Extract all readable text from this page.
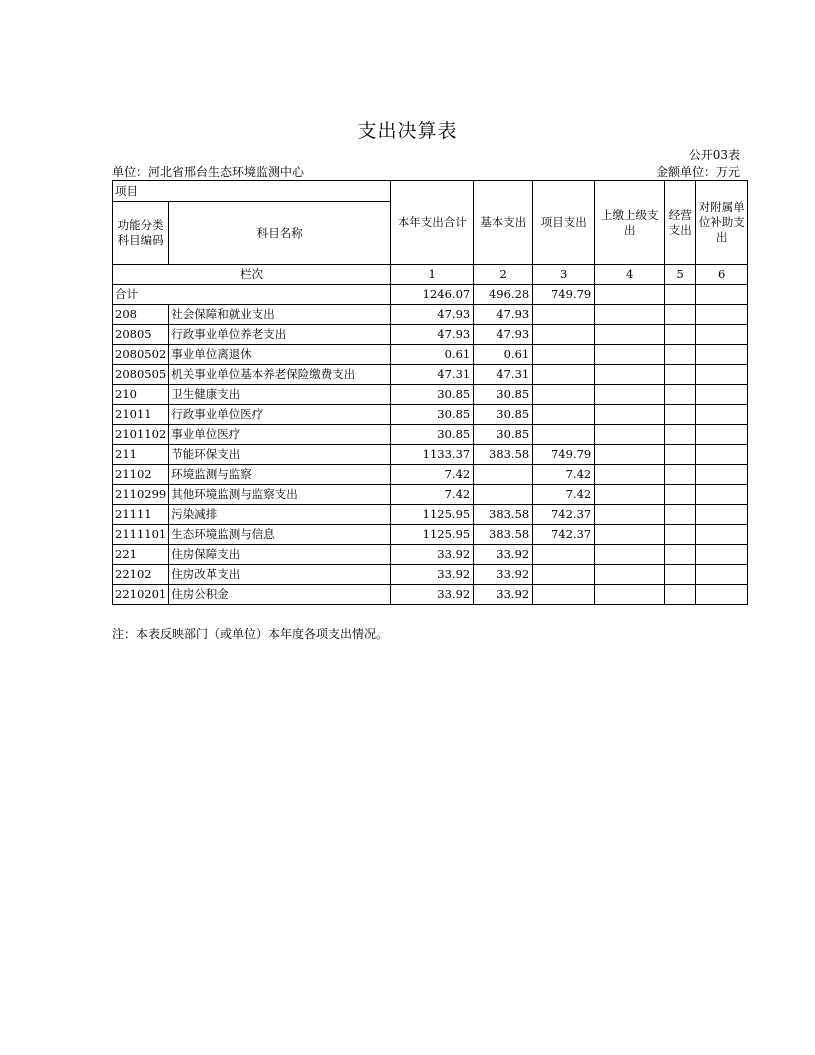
支出决算表
公开03表
单位：河北省邢台生态环境监测中心	金额单位：万元
项目		本年支出合计	基本支出	项目支出	上缴上级支出	经营支出	对附属单位补助支出
功能分类科目编码	科目名称						
栏次		1	2	3	4	5	6
合计		1246.07	496.28	749.79			
208	社会保障和就业支出	47.93	47.93				
20805	行政事业单位养老支出	47.93	47.93				
2080502	事业单位离退休	0.61	0.61				
2080505	机关事业单位基本养老保险缴费支出	47.31	47.31				
210	卫生健康支出	30.85	30.85				
21011	行政事业单位医疗	30.85	30.85				
2101102	事业单位医疗	30.85	30.85				
211	节能环保支出	1133.37	383.58	749.79			
21102	环境监测与监察	7.42		7.42			
2110299	其他环境监测与监察支出	7.42		7.42			
21111	污染减排	1125.95	383.58	742.37			
2111101	生态环境监测与信息	1125.95	383.58	742.37			
221	住房保障支出	33.92	33.92				
22102	住房改革支出	33.92	33.92				
2210201	住房公积金	33.92	33.92				
注：本表反映部门（或单位）本年度各项支出情况。
